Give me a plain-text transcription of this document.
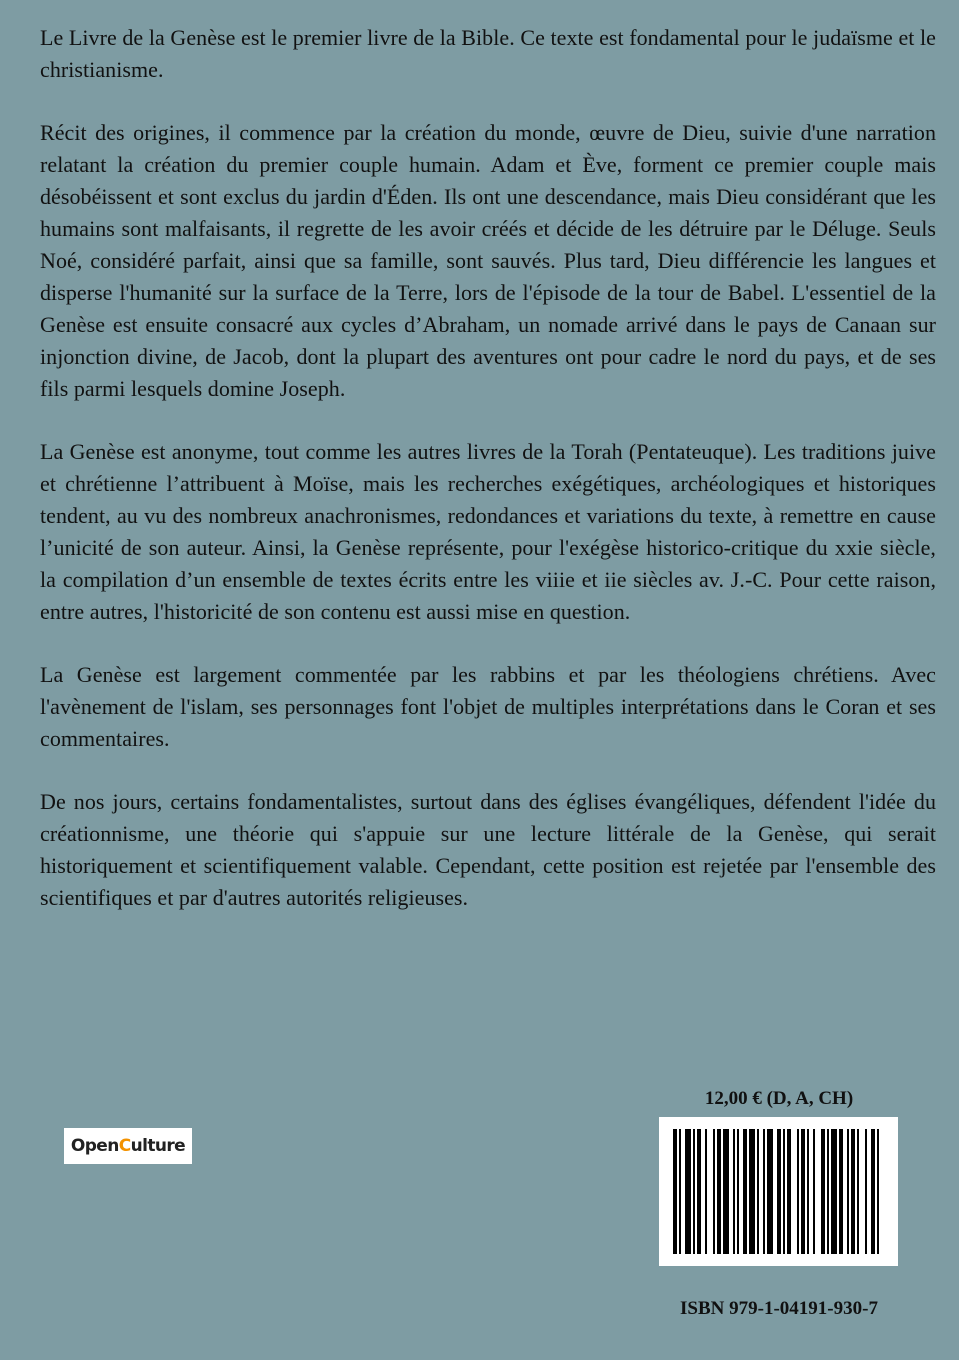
Le Livre de la Genèse est le premier livre de la Bible. Ce texte est fondamental pour le judaïsme et le christianisme.

Récit des origines, il commence par la création du monde, œuvre de Dieu, suivie d'une narration relatant la création du premier couple humain. Adam et Ève, forment ce premier couple mais désobéissent et sont exclus du jardin d'Éden. Ils ont une descendance, mais Dieu considérant que les humains sont malfaisants, il regrette de les avoir créés et décide de les détruire par le Déluge. Seuls Noé, considéré parfait, ainsi que sa famille, sont sauvés. Plus tard, Dieu différencie les langues et disperse l'humanité sur la surface de la Terre, lors de l'épisode de la tour de Babel. L'essentiel de la Genèse est ensuite consacré aux cycles d’Abraham, un nomade arrivé dans le pays de Canaan sur injonction divine, de Jacob, dont la plupart des aventures ont pour cadre le nord du pays, et de ses fils parmi lesquels domine Joseph.

La Genèse est anonyme, tout comme les autres livres de la Torah (Pentateuque). Les traditions juive et chrétienne l’attribuent à Moïse, mais les recherches exégétiques, archéologiques et historiques tendent, au vu des nombreux anachronismes, redondances et variations du texte, à remettre en cause l’unicité de son auteur. Ainsi, la Genèse représente, pour l'exégèse historico-critique du xxie siècle, la compilation d’un ensemble de textes écrits entre les viiie et iie siècles av. J.-C. Pour cette raison, entre autres, l'historicité de son contenu est aussi mise en question.

La Genèse est largement commentée par les rabbins et par les théologiens chrétiens. Avec l'avènement de l'islam, ses personnages font l'objet de multiples interprétations dans le Coran et ses commentaires.

De nos jours, certains fondamentalistes, surtout dans des églises évangéliques, défendent l'idée du créationnisme, une théorie qui s'appuie sur une lecture littérale de la Genèse, qui serait historiquement et scientifiquement valable. Cependant, cette position est rejetée par l'ensemble des scientifiques et par d'autres autorités religieuses.

Open C ulture
12,00 € (D, A, CH)
ISBN 979-1-04191-930-7
